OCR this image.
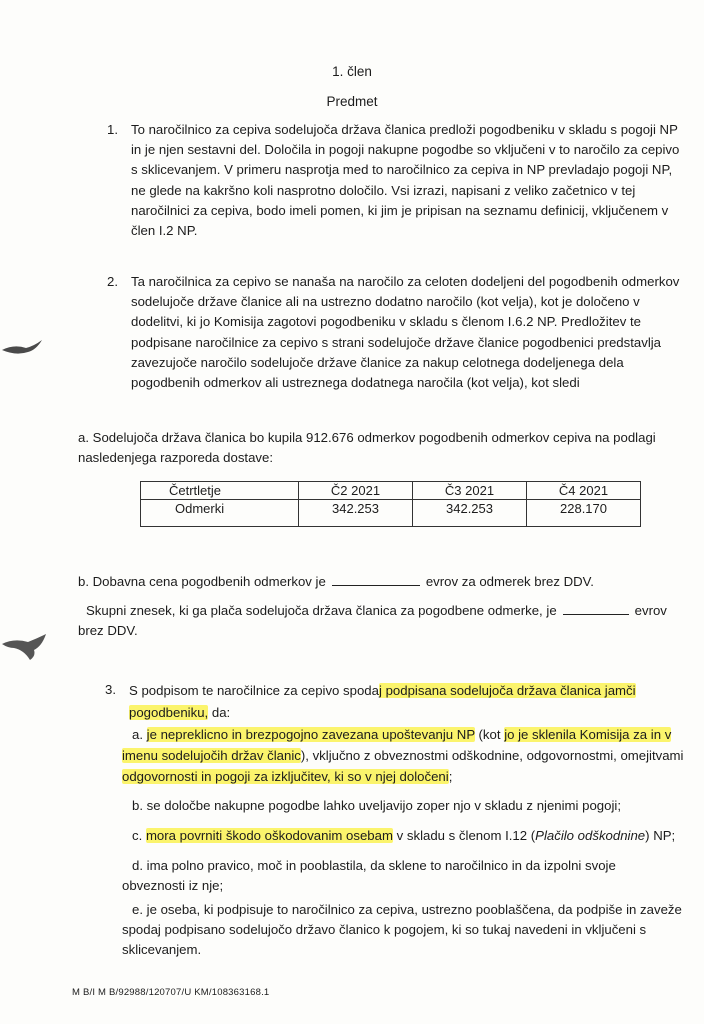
1. člen
Predmet
1. To naročilnico za cepiva sodelujoča država članica predloži pogodbeniku v skladu s pogoji NP
in je njen sestavni del. Določila in pogoji nakupne pogodbe so vključeni v to naročilo za cepivo
s sklicevanjem. V primeru nasprotja med to naročilnico za cepiva in NP prevladajo pogoji NP,
ne glede na kakršno koli nasprotno določilo. Vsi izrazi, napisani z veliko začetnico v tej
naročilnici za cepiva, bodo imeli pomen, ki jim je pripisan na seznamu definicij, vključenem v
člen I.2 NP.
2. Ta naročilnica za cepivo se nanaša na naročilo za celoten dodeljeni del pogodbenih odmerkov
sodelujoče države članice ali na ustrezno dodatno naročilo (kot velja), kot je določeno v
dodelitvi, ki jo Komisija zagotovi pogodbeniku v skladu s členom I.6.2 NP. Predložitev te
podpisane naročilnice za cepivo s strani sodelujoče države članice pogodbenici predstavlja
zavezujoče naročilo sodelujoče države članice za nakup celotnega dodeljenega dela
pogodbenih odmerkov ali ustreznega dodatnega naročila (kot velja), kot sledi
a. Sodelujoča država članica bo kupila 912.676 odmerkov pogodbenih odmerkov cepiva na podlagi
nasledenjega razporeda dostave:
Četrtletje	Č2 2021	Č3 2021	Č4 2021
Odmerki	342.253	342.253	228.170
b. Dobavna cena pogodbenih odmerkov je	evrov za odmerek brez DDV.
Skupni znesek, ki ga plača sodelujoča država članica za pogodbene odmerke, je	evrov
brez DDV.
3. S podpisom te naročilnice za cepivo spodaj podpisana sodelujoča država članica jamči
pogodbeniku, da:
a. je nepreklicno in brezpogojno zavezana upoštevanju NP (kot jo je sklenila Komisija za in v
imenu sodelujočih držav članic), vključno z obveznostmi odškodnine, odgovornostmi, omejitvami
odgovornosti in pogoji za izključitev, ki so v njej določeni;
b. se določbe nakupne pogodbe lahko uveljavijo zoper njo v skladu z njenimi pogoji;
c. mora povrniti škodo oškodovanim osebam v skladu s členom I.12 (Plačilo odškodnine) NP;
d. ima polno pravico, moč in pooblastila, da sklene to naročilnico in da izpolni svoje
obveznosti iz nje;
e. je oseba, ki podpisuje to naročilnico za cepiva, ustrezno pooblaščena, da podpiše in zaveže
spodaj podpisano sodelujočo državo članico k pogojem, ki so tukaj navedeni in vključeni s
sklicevanjem.
M B/I M B/92988/120707/U KM/108363168.1
